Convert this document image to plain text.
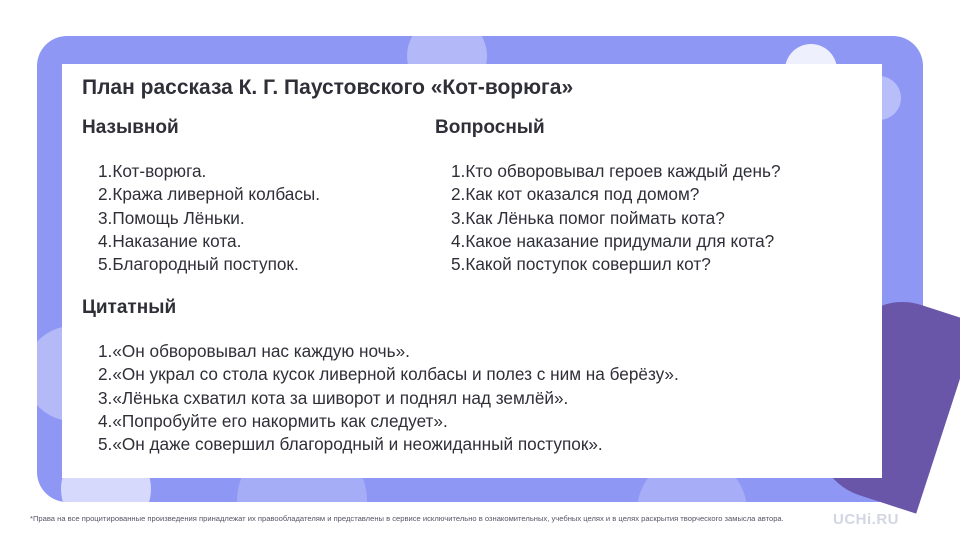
План рассказа К. Г. Паустовского «Кот-ворюга»
Назывной
1.Кот-ворюга.
2.Кража ливерной колбасы.
3.Помощь Лёньки.
4.Наказание кота.
5.Благородный поступок.
Вопросный
1.Кто обворовывал героев каждый день?
2.Как кот оказался под домом?
3.Как Лёнька помог поймать кота?
4.Какое наказание придумали для кота?
5.Какой поступок совершил кот?
Цитатный
1.«Он обворовывал нас каждую ночь».
2.«Он украл со стола кусок ливерной колбасы и полез с ним на берёзу».
3.«Лёнька схватил кота за шиворот и поднял над землёй».
4.«Попробуйте его накормить как следует».
5.«Он даже совершил благородный и неожиданный поступок».
*Права на все процитированные произведения принадлежат их правообладателям и представлены в сервисе исключительно в ознакомительных, учебных целях и в целях раскрытия творческого замысла автора.	UCHi.RU
